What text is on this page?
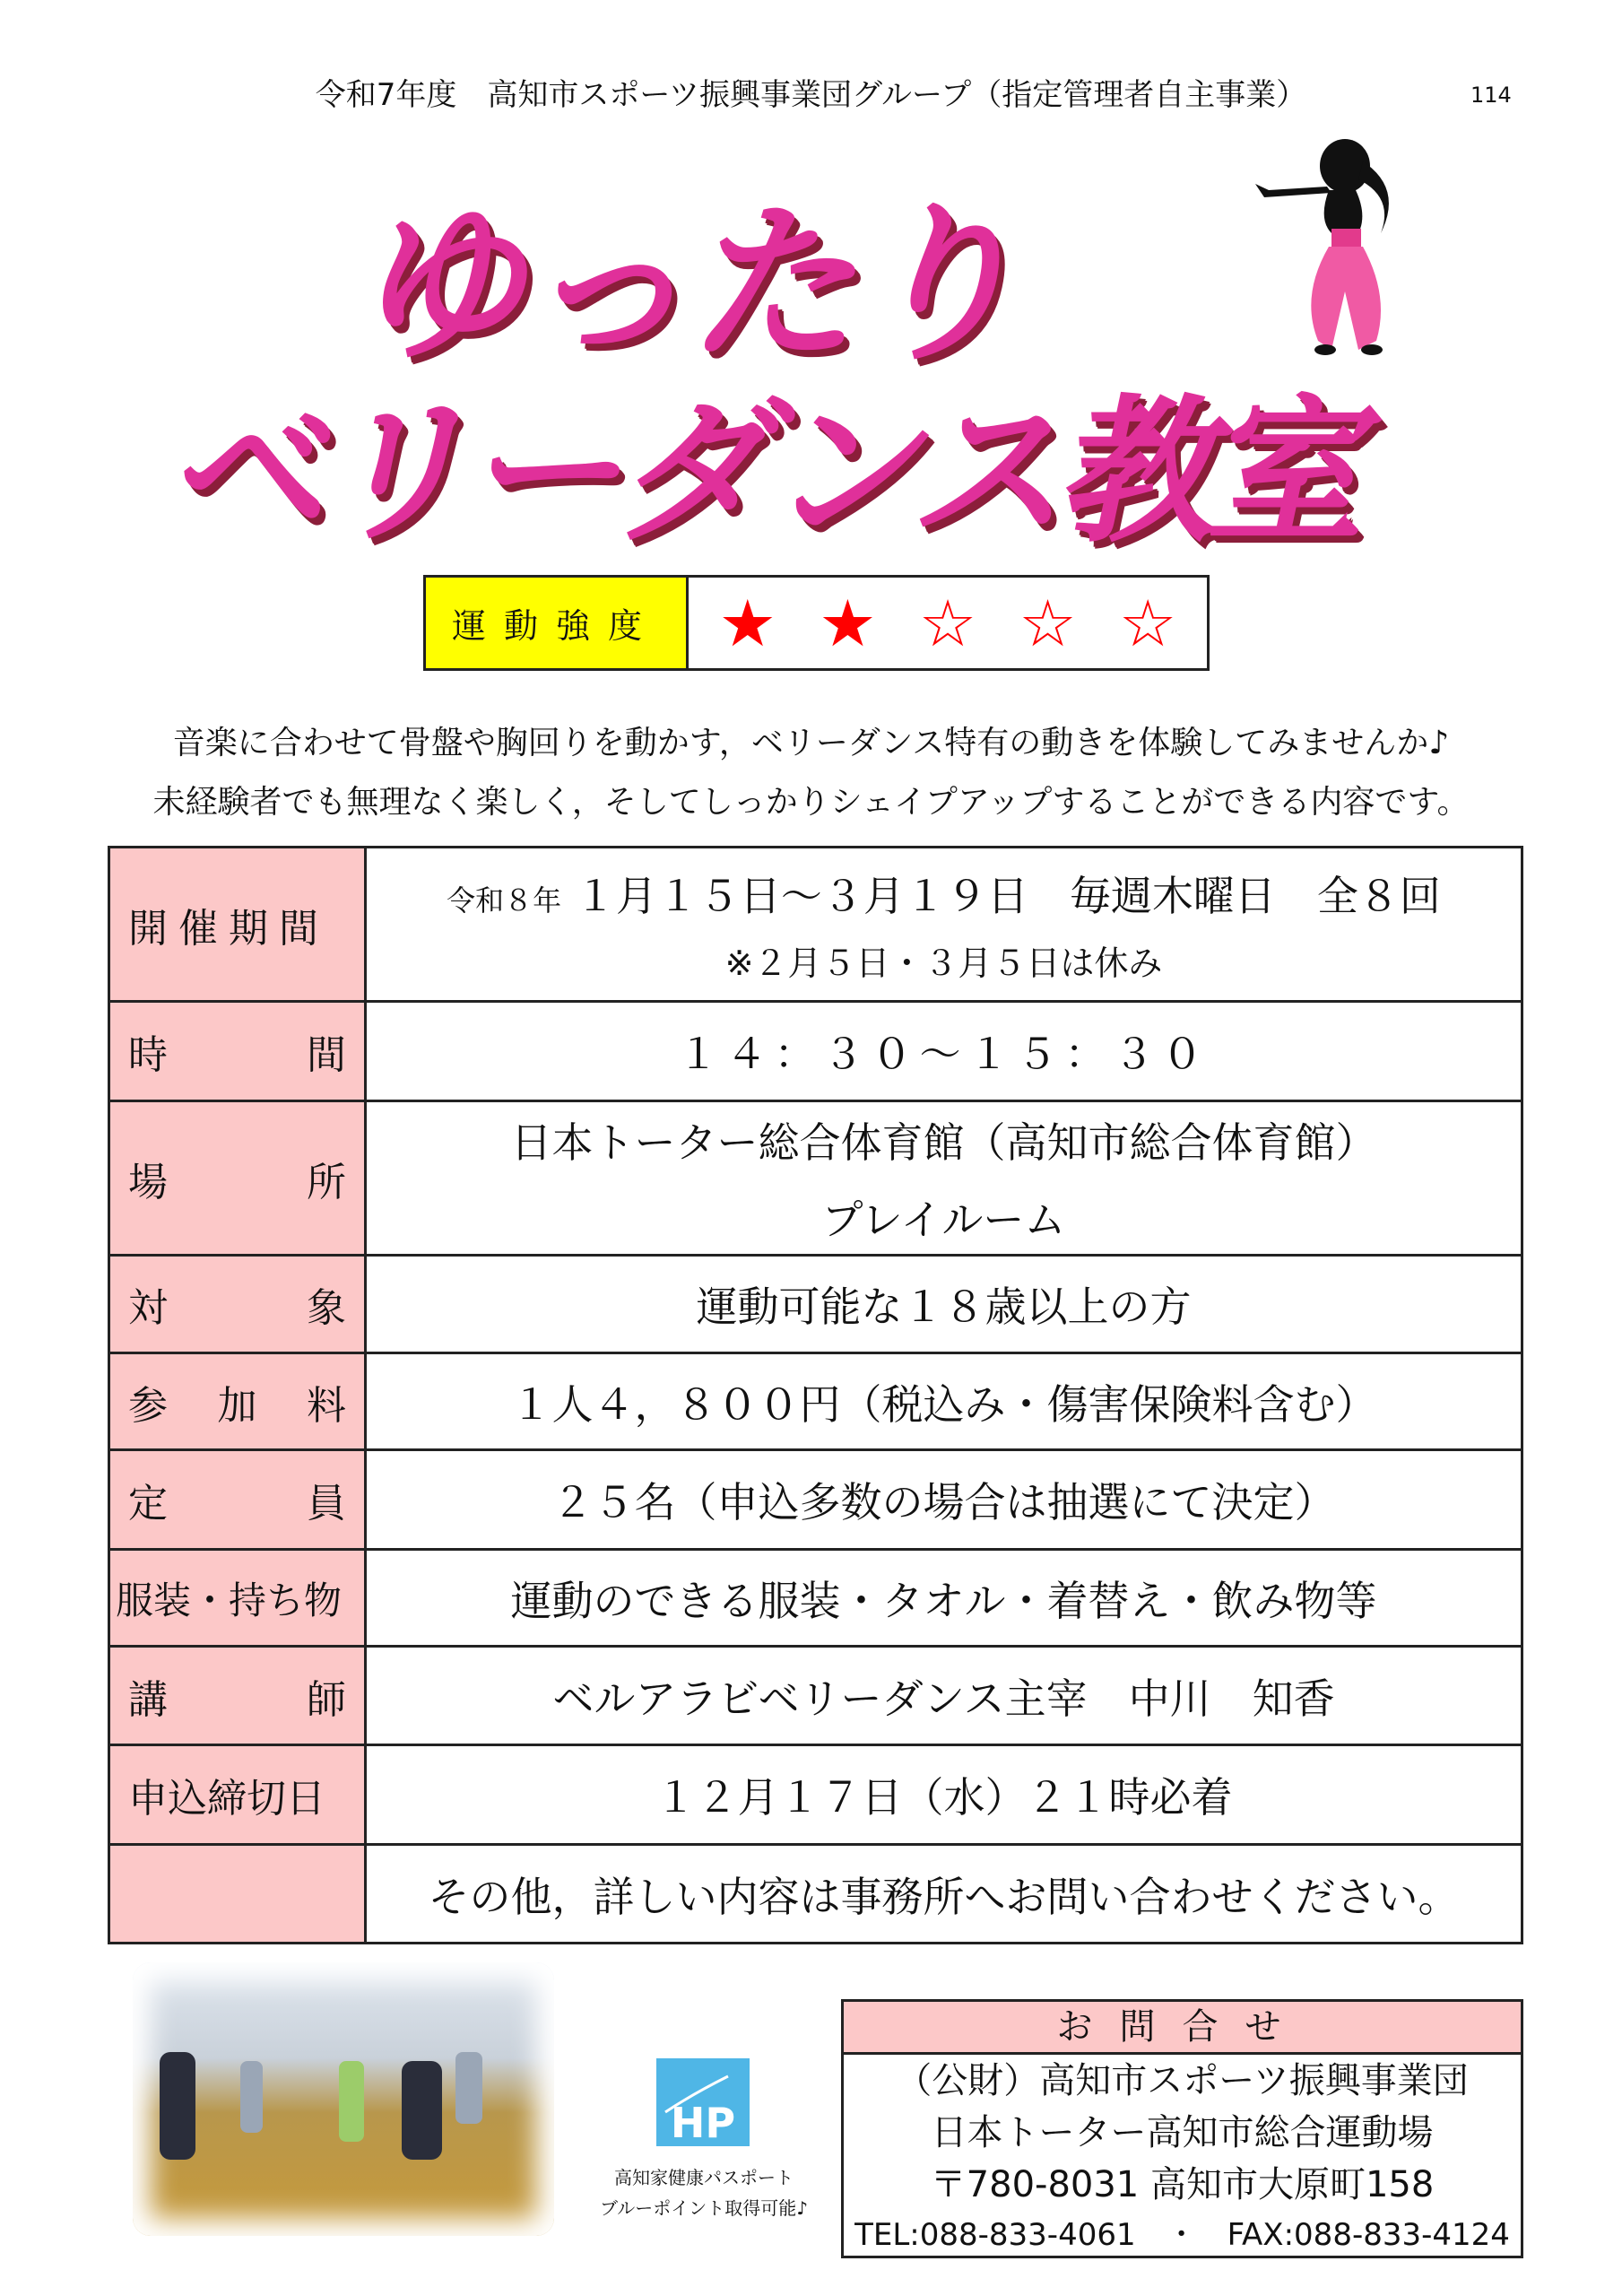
令和7年度　高知市スポーツ振興事業団グループ（指定管理者自主事業）	114
ゆったり
ベリーダンス教室
運動強度 ★ ★ ☆ ☆ ☆
音楽に合わせて骨盤や胸回りを動かす，ベリーダンス特有の動きを体験してみませんか♪
未経験者でも無理なく楽しく，そしてしっかりシェイプアップすることができる内容です。
開催期間	令和８年 １月１５日～３月１９日　毎週木曜日　全８回
※２月５日・３月５日は休み

時間	１４：３０～１５：３０

場所	日本トーター総合体育館（高知市総合体育館）
プレイルーム

対象	運動可能な１８歳以上の方

参加料	１人４，８００円（税込み・傷害保険料含む）

定員	２５名（申込多数の場合は抽選にて決定）
服装・持ち物	運動のできる服装・タオル・着替え・飲み物等

講師	ベルアラビベリーダンス主宰　中川　知香
申込締切日	１２月１７日（水）２１時必着
	その他，詳しい内容は事務所へお問い合わせください。
HP
高知家健康パスポート
ブルーポイント取得可能♪
お問合せ
（公財）高知市スポーツ振興事業団
日本トーター高知市総合運動場
〒780-8031 高知市大原町158
TEL:088-833-4061　 ・　 FAX:088-833-4124
